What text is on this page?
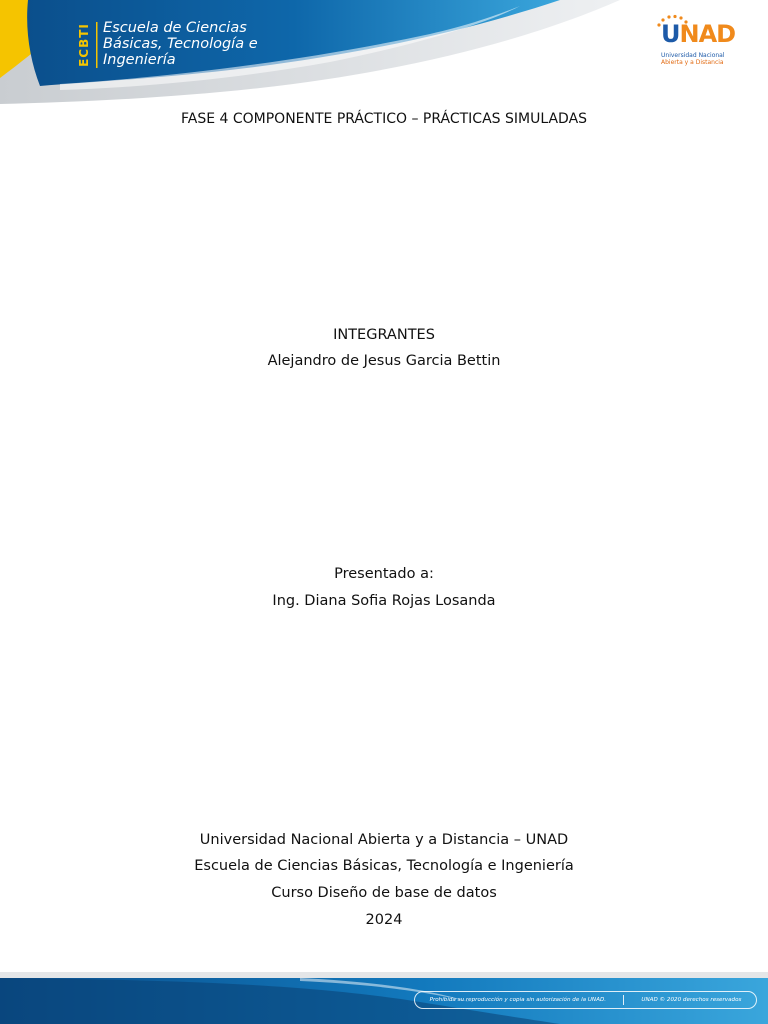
ECBTI Escuela de Ciencias
Básicas, Tecnología e
Ingeniería
UNAD
Universidad Nacional
Abierta y a Distancia
FASE 4 COMPONENTE PRÁCTICO – PRÁCTICAS SIMULADAS
INTEGRANTES
Alejandro de Jesus Garcia Bettin
Presentado a:
Ing. Diana Sofia Rojas Losanda
Universidad Nacional Abierta y a Distancia – UNAD
Escuela de Ciencias Básicas, Tecnología e Ingeniería
Curso Diseño de base de datos
2024
Prohibida su reproducción y copia sin autorización de la UNAD.	UNAD © 2020 derechos reservados
